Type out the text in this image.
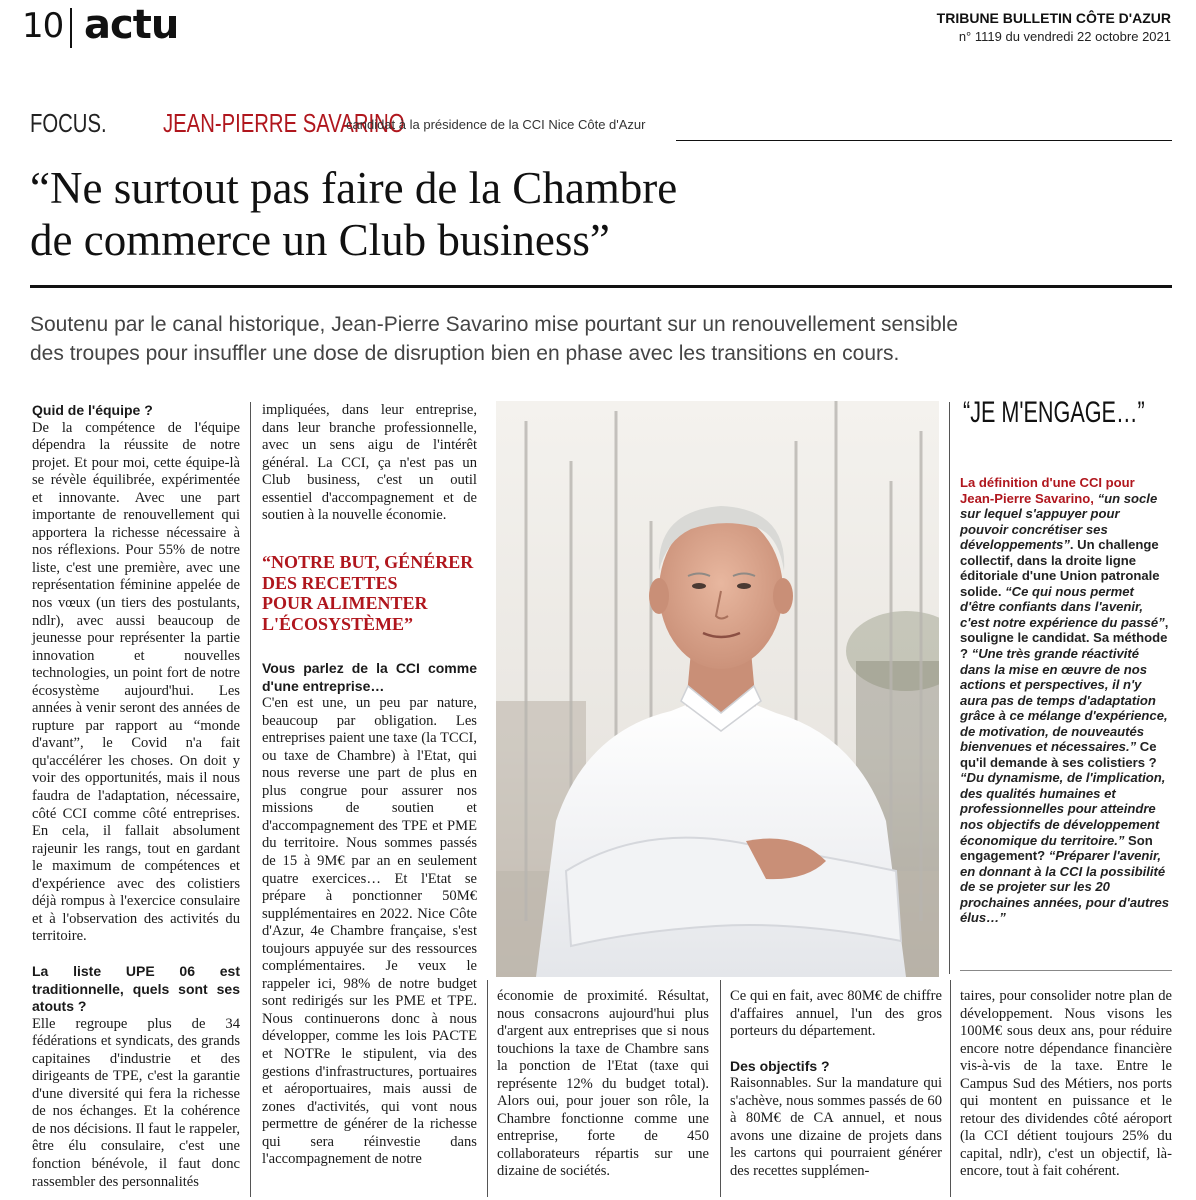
10 actu	TRIBUNE BULLETIN CÔTE D'AZUR
n° 1119 du vendredi 22 octobre 2021
FOCUS. JEAN-PIERRE SAVARINO
candidat à la présidence de la CCI Nice Côte d'Azur
“Ne surtout pas faire de la Chambre
de commerce un Club business”
Soutenu par le canal historique, Jean-Pierre Savarino mise pourtant sur un renouvellement sensible
des troupes pour insuffler une dose de disruption bien en phase avec les transitions en cours.
Quid de l'équipe ?

De la compétence de l'équipe dépendra la réussite de notre projet. Et pour moi, cette équipe-là se révèle équilibrée, expérimentée et innovante. Avec une part importante de renouvellement qui apportera la richesse nécessaire à nos réflexions. Pour 55% de notre liste, c'est une première, avec une représentation féminine appelée de nos vœux (un tiers des postulants, ndlr), avec aussi beaucoup de jeunesse pour représenter la partie innovation et nouvelles technologies, un point fort de notre écosystème aujourd'hui. Les années à venir seront des années de rupture par rapport au “monde d'avant”, le Covid n'a fait qu'accélérer les choses. On doit y voir des opportunités, mais il nous faudra de l'adaptation, nécessaire, côté CCI comme côté entreprises. En cela, il fallait absolument rajeunir les rangs, tout en gardant le maximum de compétences et d'expérience avec des colistiers déjà rompus à l'exercice consulaire et à l'observation des activités du territoire.

La liste UPE 06 est traditionnelle, quels sont ses atouts ?

Elle regroupe plus de 34 fédérations et syndicats, des grands capitaines d'industrie et des dirigeants de TPE, c'est la garantie d'une diversité qui fera la richesse de nos échanges. Et la cohérence de nos décisions. Il faut le rappeler, être élu consulaire, c'est une fonction bénévole, il faut donc rassembler des personnalités

impliquées, dans leur entreprise, dans leur branche professionnelle, avec un sens aigu de l'intérêt général. La CCI, ça n'est pas un Club business, c'est un outil essentiel d'accompagnement et de soutien à la nouvelle économie.

“NOTRE BUT, GÉNÉRER
DES RECETTES
POUR ALIMENTER
L'ÉCOSYSTÈME”
Vous parlez de la CCI comme d'une entreprise…

C'en est une, un peu par nature, beaucoup par obligation. Les entreprises paient une taxe (la TCCI, ou taxe de Chambre) à l'Etat, qui nous reverse une part de plus en plus congrue pour assurer nos missions de soutien et d'accompagnement des TPE et PME du territoire. Nous sommes passés de 15 à 9M€ par an en seulement quatre exercices… Et l'Etat se prépare à ponctionner 50M€ supplémentaires en 2022. Nice Côte d'Azur, 4e Chambre française, s'est toujours appuyée sur des ressources complémentaires. Je veux le rappeler ici, 98% de notre budget sont redirigés sur les PME et TPE. Nous continuerons donc à nous développer, comme les lois PACTE et NOTRe le stipulent, via des gestions d'infrastructures, portuaires et aéroportuaires, mais aussi de zones d'activités, qui vont nous permettre de générer de la richesse qui sera réinvestie dans l'accompagnement de notre

“JE M'ENGAGE…”
La définition d'une CCI pour Jean-Pierre Savarino, “un socle sur lequel s'appuyer pour pouvoir concrétiser ses développements”. Un challenge collectif, dans la droite ligne éditoriale d'une Union patronale solide. “Ce qui nous permet d'être confiants dans l'avenir, c'est notre expérience du passé”, souligne le candidat. Sa méthode ? “Une très grande réactivité dans la mise en œuvre de nos actions et perspectives, il n'y aura pas de temps d'adaptation grâce à ce mélange d'expérience, de motivation, de nouveautés bienvenues et nécessaires.” Ce qu'il demande à ses colistiers ? “Du dynamisme, de l'implication, des qualités humaines et professionnelles pour atteindre nos objectifs de développement économique du territoire.” Son engagement? “Préparer l'avenir, en donnant à la CCI la possibilité de se projeter sur les 20 prochaines années, pour d'autres élus…”

économie de proximité. Résultat, nous consacrons aujourd'hui plus d'argent aux entreprises que si nous touchions la taxe de Chambre sans la ponction de l'Etat (taxe qui représente 12% du budget total). Alors oui, pour jouer son rôle, la Chambre fonctionne comme une entreprise, forte de 450 collaborateurs répartis sur une dizaine de sociétés.

Ce qui en fait, avec 80M€ de chiffre d'affaires annuel, l'un des gros porteurs du département.

Des objectifs ?

Raisonnables. Sur la mandature qui s'achève, nous sommes passés de 60 à 80M€ de CA annuel, et nous avons une dizaine de projets dans les cartons qui pourraient générer des recettes supplémen-

taires, pour consolider notre plan de développement. Nous visons les 100M€ sous deux ans, pour réduire encore notre dépendance financière vis-à-vis de la taxe. Entre le Campus Sud des Métiers, nos ports qui montent en puissance et le retour des dividendes côté aéroport (la CCI détient toujours 25% du capital, ndlr), c'est un objectif, là-encore, tout à fait cohérent.
